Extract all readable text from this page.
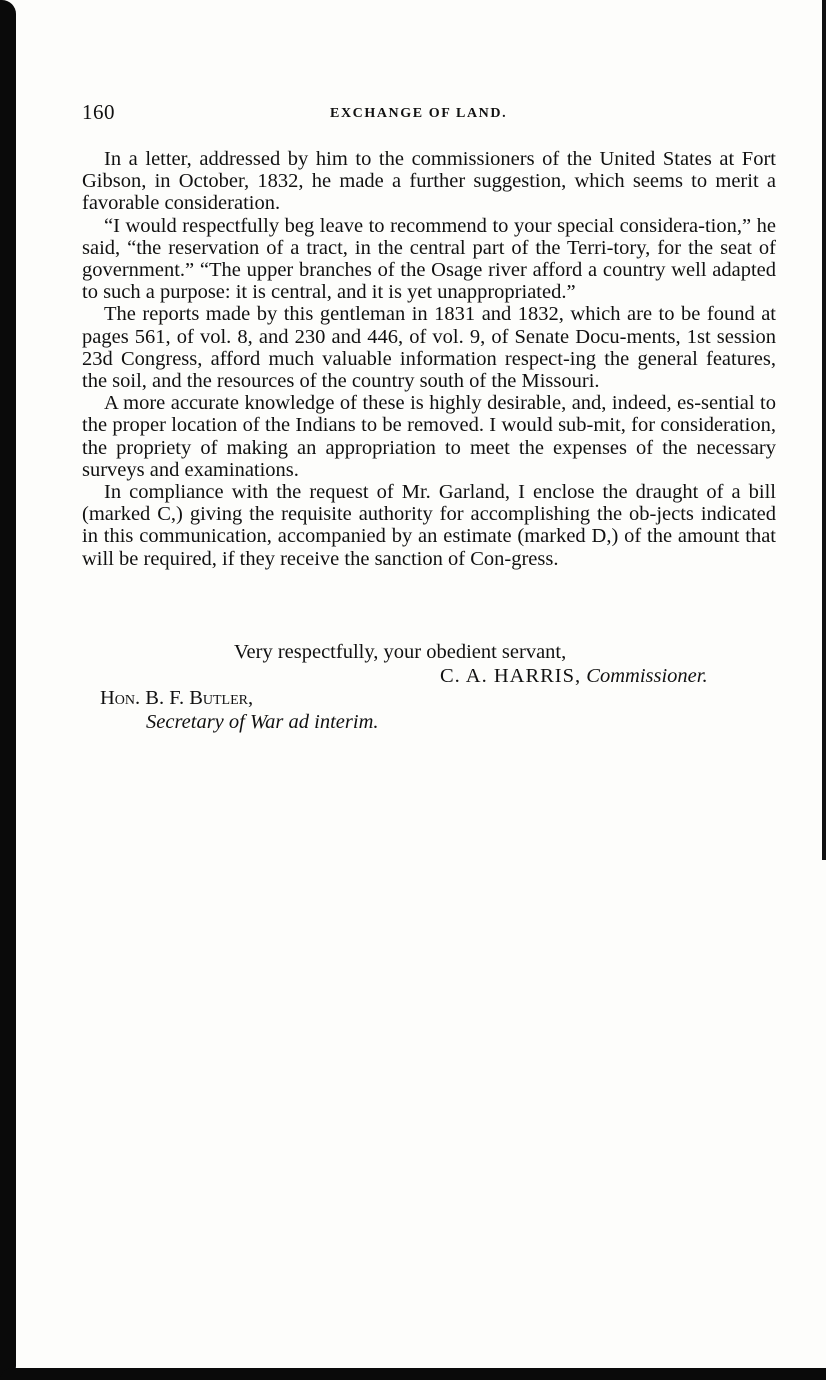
160	EXCHANGE OF LAND.

In a letter, addressed by him to the commissioners of the United States at Fort Gibson, in October, 1832, he made a further suggestion, which seems to merit a favorable consideration.

“I would respectfully beg leave to recommend to your special considera-tion,” he said, “the reservation of a tract, in the central part of the Terri-tory, for the seat of government.” “The upper branches of the Osage river afford a country well adapted to such a purpose: it is central, and it is yet unappropriated.”

The reports made by this gentleman in 1831 and 1832, which are to be found at pages 561, of vol. 8, and 230 and 446, of vol. 9, of Senate Docu-ments, 1st session 23d Congress, afford much valuable information respect-ing the general features, the soil, and the resources of the country south of the Missouri.

A more accurate knowledge of these is highly desirable, and, indeed, es-sential to the proper location of the Indians to be removed. I would sub-mit, for consideration, the propriety of making an appropriation to meet the expenses of the necessary surveys and examinations.

In compliance with the request of Mr. Garland, I enclose the draught of a bill (marked C,) giving the requisite authority for accomplishing the ob-jects indicated in this communication, accompanied by an estimate (marked D,) of the amount that will be required, if they receive the sanction of Con-gress.

Very respectfully, your obedient servant,
C. A. HARRIS, Commissioner.
Hon. B. F. Butler,
Secretary of War ad interim.
